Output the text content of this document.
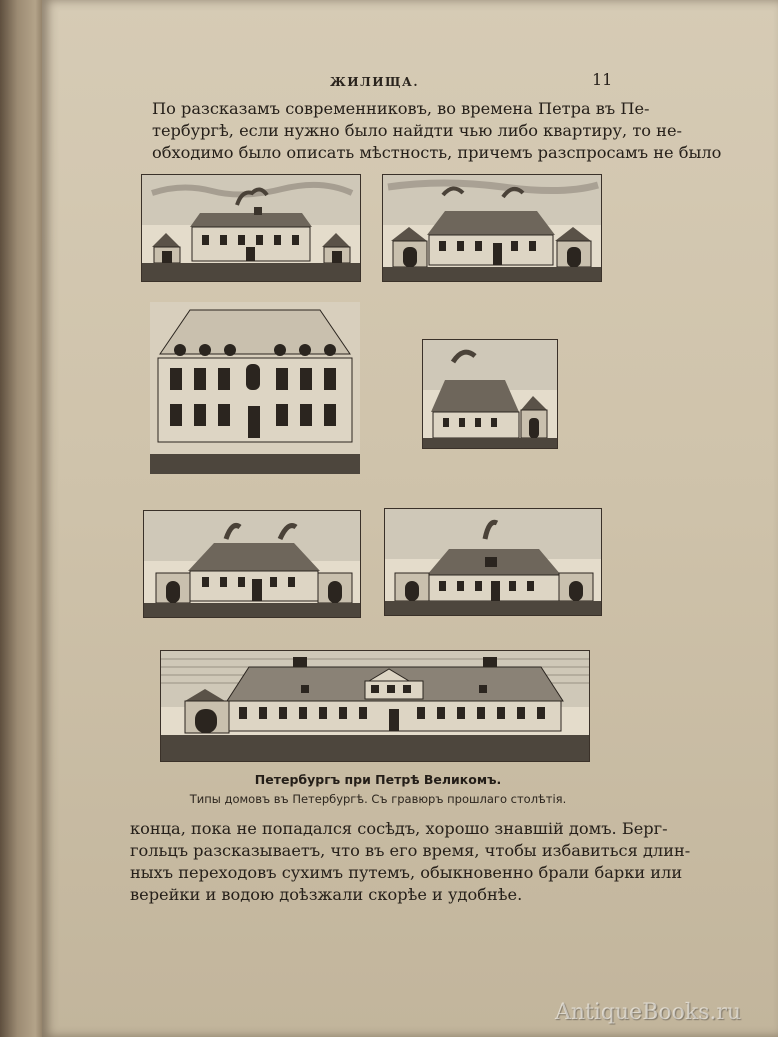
ЖИЛИЩА.	11
По разсказамъ современниковъ, во времена Петра въ Пе-
тербургѣ, если нужно было найдти чью либо квартиру, то не-
обходимо было описать мѣстность, причемъ разспросамъ не было
Петербургъ при Петрѣ Великомъ.
Типы домовъ въ Петербургѣ. Съ гравюръ прошлаго столѣтія.
конца, пока не попадался сосѣдъ, хорошо знавшій домъ. Берг-
гольцъ разсказываетъ, что въ его время, чтобы избавиться длин-
ныхъ переходовъ сухимъ путемъ, обыкновенно брали барки или
верейки и водою доѣзжали скорѣе и удобнѣе.
AntiqueBooks.ru
